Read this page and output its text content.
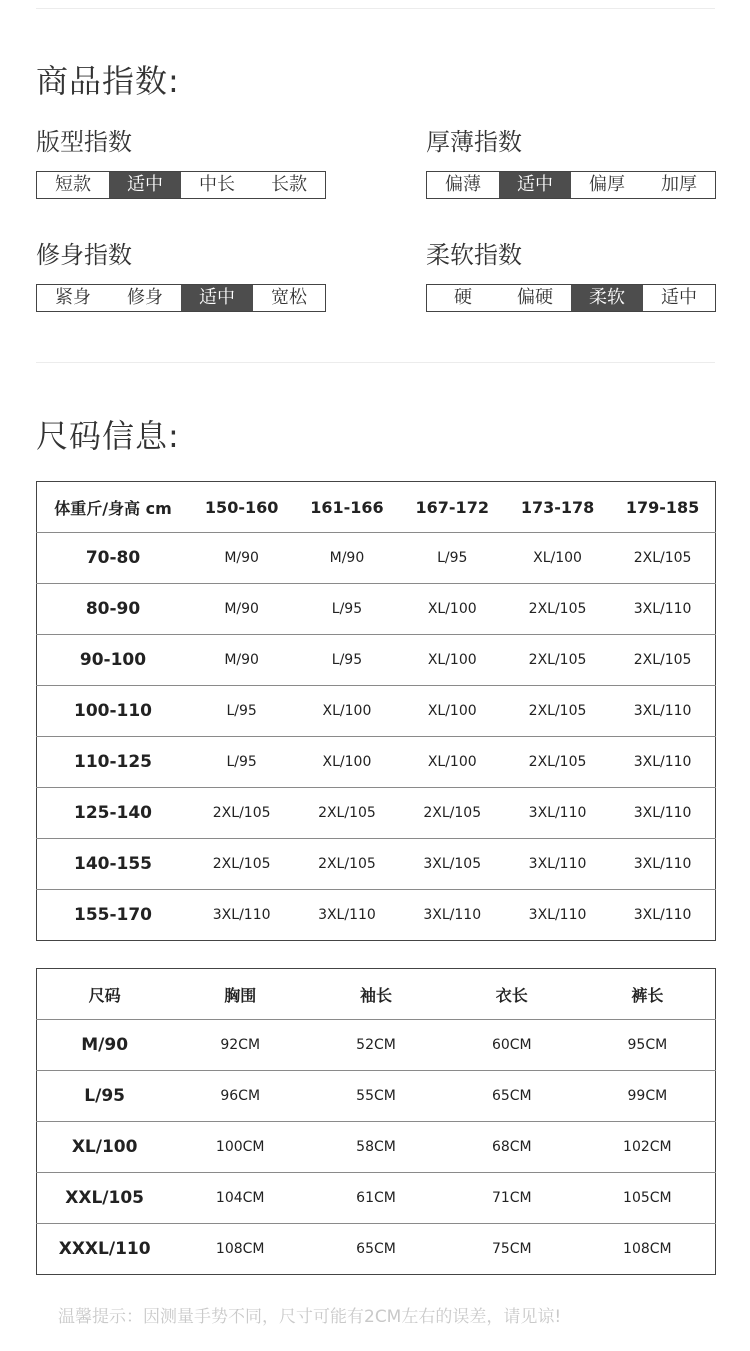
商品指数:
版型指数
短款	适中	中长	长款
厚薄指数
偏薄	适中	偏厚	加厚
修身指数
紧身	修身	适中	宽松
柔软指数
硬	偏硬	柔软	适中
尺码信息:
体重斤/身高 cm	150-160	161-166	167-172	173-178	179-185
70-80	M/90	M/90	L/95	XL/100	2XL/105
80-90	M/90	L/95	XL/100	2XL/105	3XL/110
90-100	M/90	L/95	XL/100	2XL/105	2XL/105
100-110	L/95	XL/100	XL/100	2XL/105	3XL/110
110-125	L/95	XL/100	XL/100	2XL/105	3XL/110
125-140	2XL/105	2XL/105	2XL/105	3XL/110	3XL/110
140-155	2XL/105	2XL/105	3XL/105	3XL/110	3XL/110
155-170	3XL/110	3XL/110	3XL/110	3XL/110	3XL/110
尺码	胸围	袖长	衣长	裤长
M/90	92CM	52CM	60CM	95CM
L/95	96CM	55CM	65CM	99CM
XL/100	100CM	58CM	68CM	102CM
XXL/105	104CM	61CM	71CM	105CM
XXXL/110	108CM	65CM	75CM	108CM
温馨提示：因测量手势不同，尺寸可能有2CM左右的误差，请见谅!
